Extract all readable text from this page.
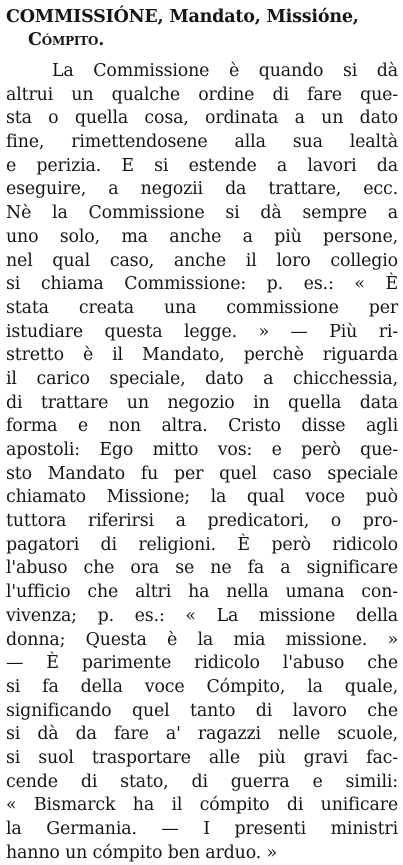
COMMISSIÓNE, Mandato, Missióne,
Cómpito.
La Commissione è quando si dà
altrui un qualche ordine di fare que-
sta o quella cosa, ordinata a un dato
fine, rimettendosene alla sua lealtà
e perizia. E si estende a lavori da
eseguire, a negozii da trattare, ecc.
Nè la Commissione si dà sempre a
uno solo, ma anche a più persone,
nel qual caso, anche il loro collegio
si chiama Commissione: p. es.: « È
stata creata una commissione per
istudiare questa legge. » — Più ri-
stretto è il Mandato, perchè riguarda
il carico speciale, dato a chicchessia,
di trattare un negozio in quella data
forma e non altra. Cristo disse agli
apostoli: Ego mitto vos: e però que-
sto Mandato fu per quel caso speciale
chiamato Missione; la qual voce può
tuttora riferirsi a predicatori, o pro-
pagatori di religioni. È però ridicolo
l'abuso che ora se ne fa a significare
l'ufficio che altri ha nella umana con-
vivenza; p. es.: « La missione della
donna; Questa è la mia missione. »
— È parimente ridicolo l'abuso che
si fa della voce Cómpito, la quale,
significando quel tanto di lavoro che
si dà da fare a' ragazzi nelle scuole,
si suol trasportare alle più gravi fac-
cende di stato, di guerra e simili:
« Bismarck ha il cómpito di unificare
la Germania. — I presenti ministri
hanno un cómpito ben arduo. »
